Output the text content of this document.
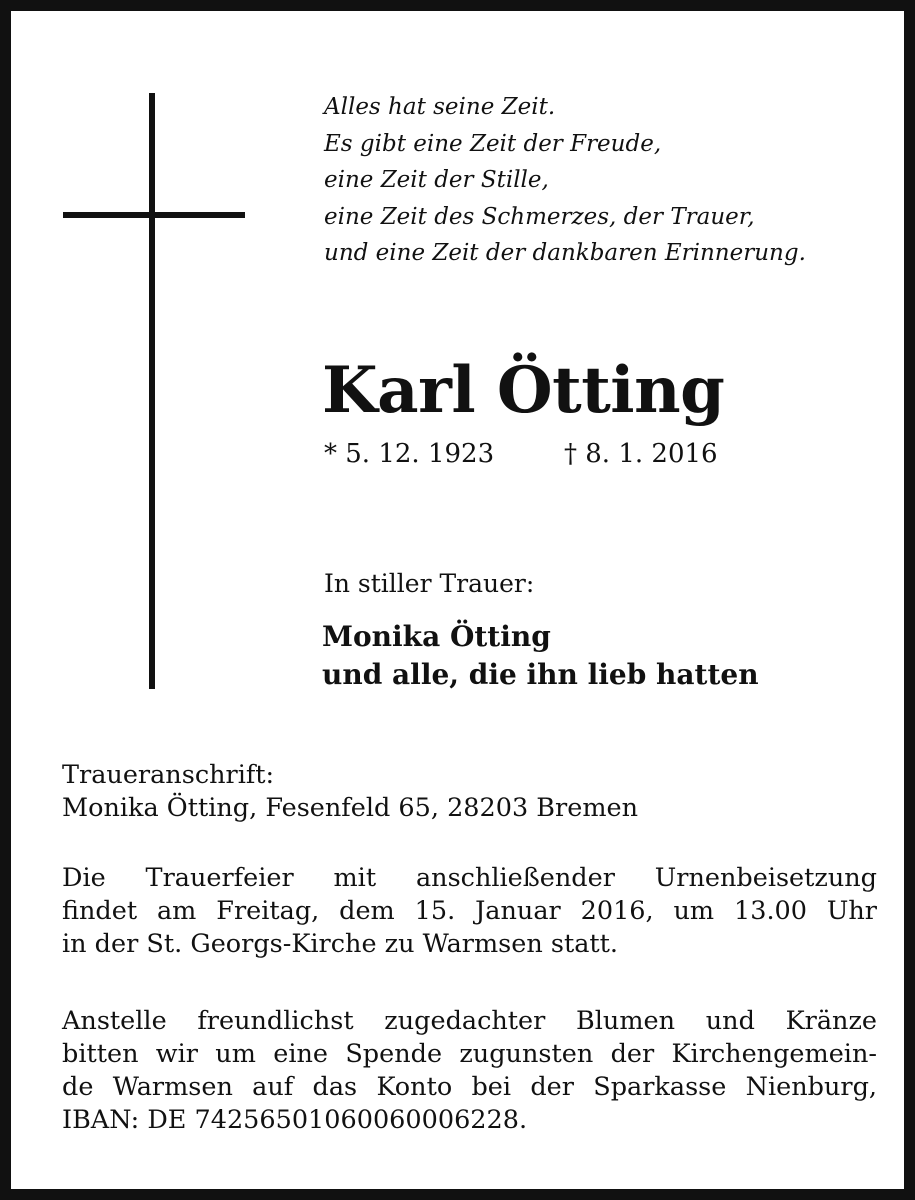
Alles hat seine Zeit.
Es gibt eine Zeit der Freude,
eine Zeit der Stille,
eine Zeit des Schmerzes, der Trauer,
und eine Zeit der dankbaren Erinnerung.
Karl Ötting
* 5. 12. 1923	† 8. 1. 2016
In stiller Trauer:
Monika Ötting
und alle, die ihn lieb hatten
Traueranschrift:
Monika Ötting, Fesenfeld 65, 28203 Bremen
Die Trauerfeier mit anschließender Urnenbeisetzung
findet am Freitag, dem 15. Januar 2016, um 13.00 Uhr
in der St. Georgs-Kirche zu Warmsen statt.
Anstelle freundlichst zugedachter Blumen und Kränze
bitten wir um eine Spende zugunsten der Kirchengemein-
de Warmsen auf das Konto bei der Sparkasse Nienburg,
IBAN: DE 74256501060060006228.
